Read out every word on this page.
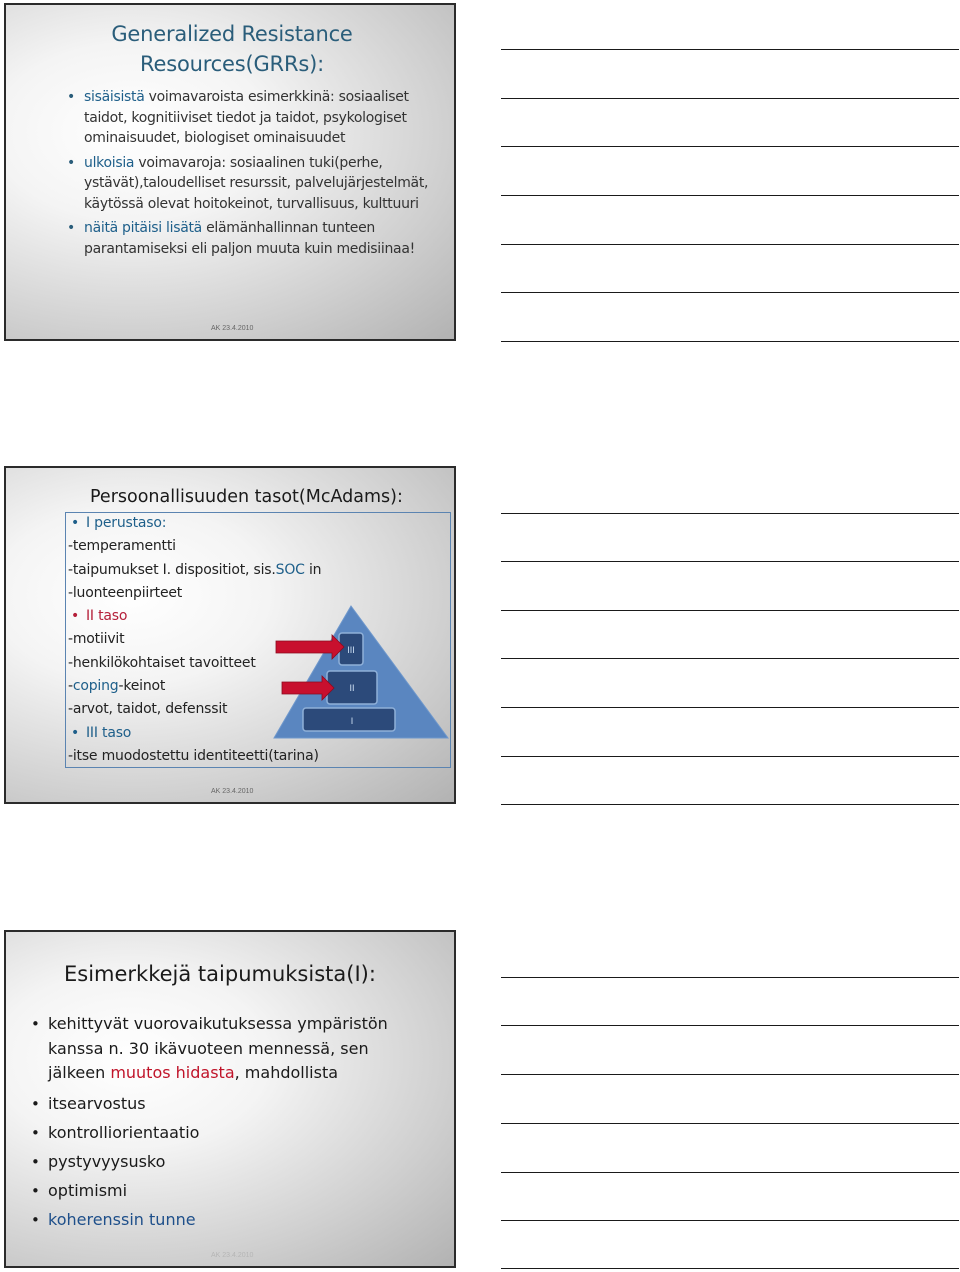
Generalized Resistance
Resources(GRRs):
• sisäisistä voimavaroista esimerkkinä: sosiaaliset taidot, kognitiiviset tiedot ja taidot, psykologiset ominaisuudet, biologiset ominaisuudet
• ulkoisia voimavaroja: sosiaalinen tuki(perhe, ystävät),taloudelliset resurssit, palvelujärjestelmät, käytössä olevat hoitokeinot, turvallisuus, kulttuuri
• näitä pitäisi lisätä elämänhallinnan tunteen parantamiseksi eli paljon muuta kuin medisiinaa!
AK 23.4.2010
Persoonallisuuden tasot(McAdams):
III
II
I
• I perustaso:
-temperamentti
-taipumukset I. dispositiot, sis.SOC in
-luonteenpiirteet
• II taso
-motiivit
-henkilökohtaiset tavoitteet
-coping-keinot
-arvot, taidot, defenssit
• III taso
-itse muodostettu identiteetti(tarina)
AK 23.4.2010
Esimerkkejä taipumuksista(I):
• kehittyvät vuorovaikutuksessa ympäristön kanssa n. 30 ikävuoteen mennessä, sen jälkeen muutos hidasta, mahdollista
• itsearvostus
• kontrolliorientaatio
• pystyvyysusko
• optimismi
• koherenssin tunne
AK 23.4.2010
